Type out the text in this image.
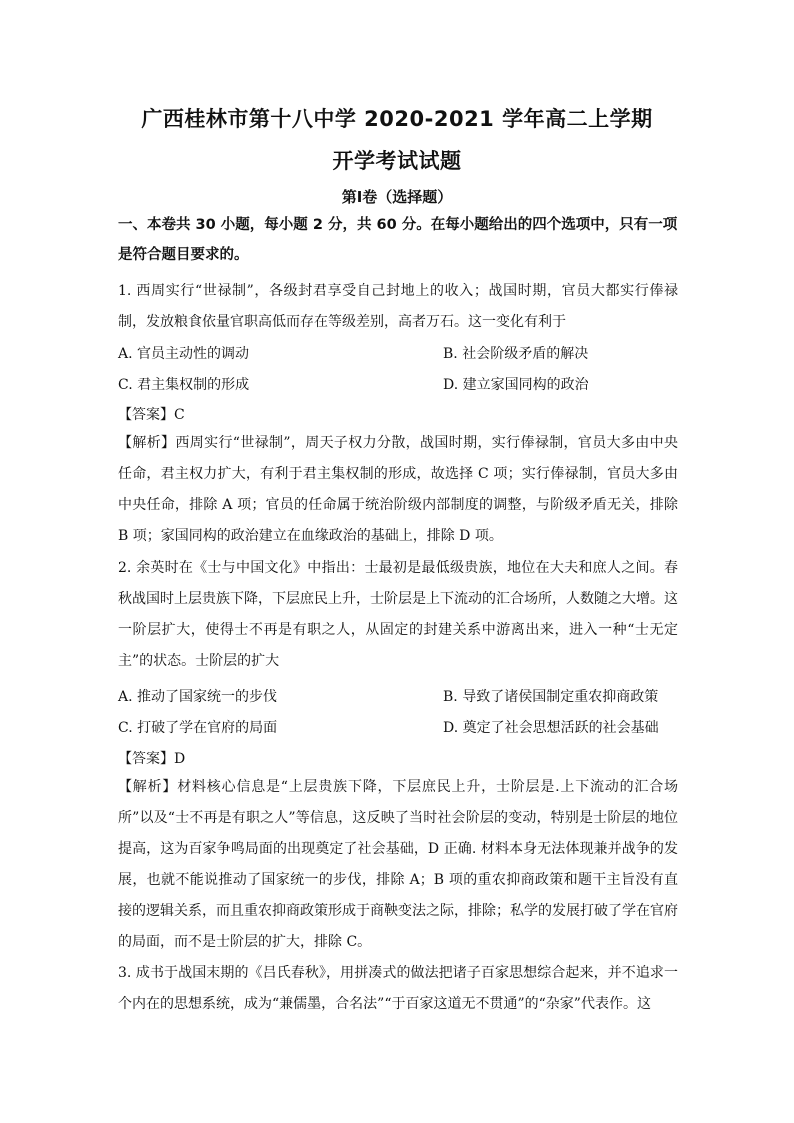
广西桂林市第十八中学 2020-2021 学年高二上学期
开学考试试题
第Ⅰ卷（选择题）
一、本卷共 30 小题，每小题 2 分，共 60 分。在每小题给出的四个选项中，只有一项是符合题目要求的。
1. 西周实行“世禄制”，各级封君享受自己封地上的收入；战国时期，官员大都实行俸禄制，发放粮食依量官职高低而存在等级差别，高者万石。这一变化有利于
A. 官员主动性的调动	B. 社会阶级矛盾的解决
C. 君主集权制的形成	D. 建立家国同构的政治
【答案】C
【解析】西周实行“世禄制”，周天子权力分散，战国时期，实行俸禄制，官员大多由中央任命，君主权力扩大，有利于君主集权制的形成，故选择 C 项；实行俸禄制，官员大多由中央任命，排除 A 项；官员的任命属于统治阶级内部制度的调整，与阶级矛盾无关，排除 B 项；家国同构的政治建立在血缘政治的基础上，排除 D 项。
2. 余英时在《士与中国文化》中指出：士最初是最低级贵族，地位在大夫和庶人之间。春秋战国时上层贵族下降，下层庶民上升，士阶层是上下流动的汇合场所，人数随之大增。这一阶层扩大，使得士不再是有职之人，从固定的封建关系中游离出来，进入一种“士无定主”的状态。士阶层的扩大
A. 推动了国家统一的步伐	B. 导致了诸侯国制定重农抑商政策
C. 打破了学在官府的局面	D. 奠定了社会思想活跃的社会基础
【答案】D
【解析】材料核心信息是“上层贵族下降，下层庶民上升，士阶层是.上下流动的汇合场所”以及“士不再是有职之人”等信息，这反映了当时社会阶层的变动，特别是士阶层的地位提高，这为百家争鸣局面的出现奠定了社会基础，D 正确. 材料本身无法体现兼并战争的发展，也就不能说推动了国家统一的步伐，排除 A；B 项的重农抑商政策和题干主旨没有直接的逻辑关系，而且重农抑商政策形成于商鞅变法之际，排除；私学的发展打破了学在官府的局面，而不是士阶层的扩大，排除 C。
3. 成书于战国末期的《吕氏春秋》，用拼凑式的做法把诸子百家思想综合起来，并不追求一个内在的思想系统，成为“兼儒墨，合名法”“于百家这道无不贯通”的“杂家”代表作。这
